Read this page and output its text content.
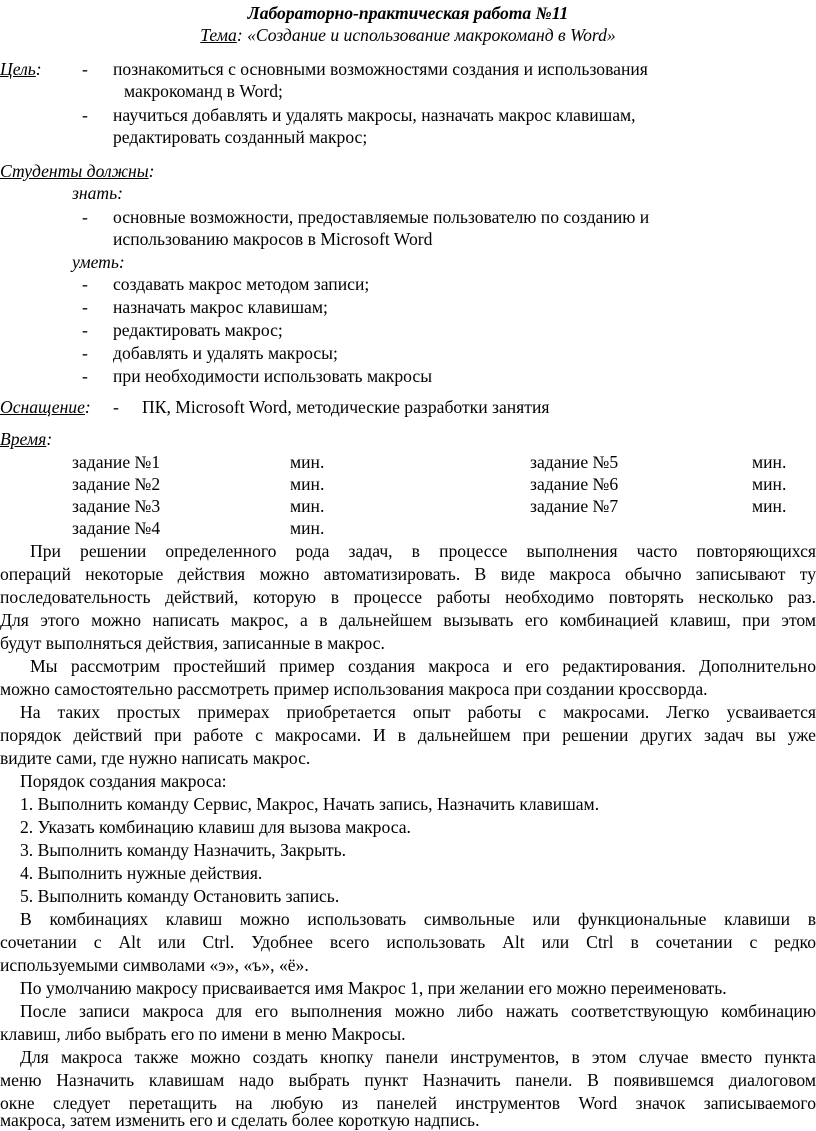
Лабораторно-практическая работа №11
Тема: «Создание и использование макрокоманд в Word»
Цель: - познакомиться с основными возможностями создания и использования
макрокоманд в Word;
- научиться добавлять и удалять макросы, назначать макрос клавишам,
редактировать созданный макрос;
Студенты должны:
знать:
- основные возможности, предоставляемые пользователю по созданию и
использованию макросов в Microsoft Word
уметь:
- создавать макрос методом записи;
- назначать макрос клавишам;
- редактировать макрос;
- добавлять и удалять макросы;
- при необходимости использовать макросы
Оснащение: - ПК, Microsoft Word, методические разработки занятия
Время:
задание №1	мин.	задание №5	мин.
задание №2	мин.	задание №6	мин.
задание №3	мин.	задание №7	мин.
задание №4	мин.
При решении определенного рода задач, в процессе выполнения часто повторяющихся
операций некоторые действия можно автоматизировать. В виде макроса обычно записывают ту
последовательность действий, которую в процессе работы необходимо повторять несколько раз.
Для этого можно написать макрос, а в дальнейшем вызывать его комбинацией клавиш, при этом
будут выполняться действия, записанные в макрос.
Мы рассмотрим простейший пример создания макроса и его редактирования. Дополнительно
можно самостоятельно рассмотреть пример использования макроса при создании кроссворда.
На таких простых примерах приобретается опыт работы с макросами. Легко усваивается
порядок действий при работе с макросами. И в дальнейшем при решении других задач вы уже
видите сами, где нужно написать макрос.
Порядок создания макроса:
1. Выполнить команду Сервис, Макрос, Начать запись, Назначить клавишам.
2. Указать комбинацию клавиш для вызова макроса.
3. Выполнить команду Назначить, Закрыть.
4. Выполнить нужные действия.
5. Выполнить команду Остановить запись.
В комбинациях клавиш можно использовать символьные или функциональные клавиши в
сочетании с Alt или Ctrl. Удобнее всего использовать Alt или Ctrl в сочетании с редко
используемыми символами «э», «ъ», «ё».
По умолчанию макросу присваивается имя Макрос 1, при желании его можно переименовать.
После записи макроса для его выполнения можно либо нажать соответствующую комбинацию
клавиш, либо выбрать его по имени в меню Макросы.
Для макроса также можно создать кнопку панели инструментов, в этом случае вместо пункта
меню Назначить клавишам надо выбрать пункт Назначить панели. В появившемся диалоговом
окне следует перетащить на любую из панелей инструментов Word значок записываемого
макроса, затем изменить его и сделать более короткую надпись.
